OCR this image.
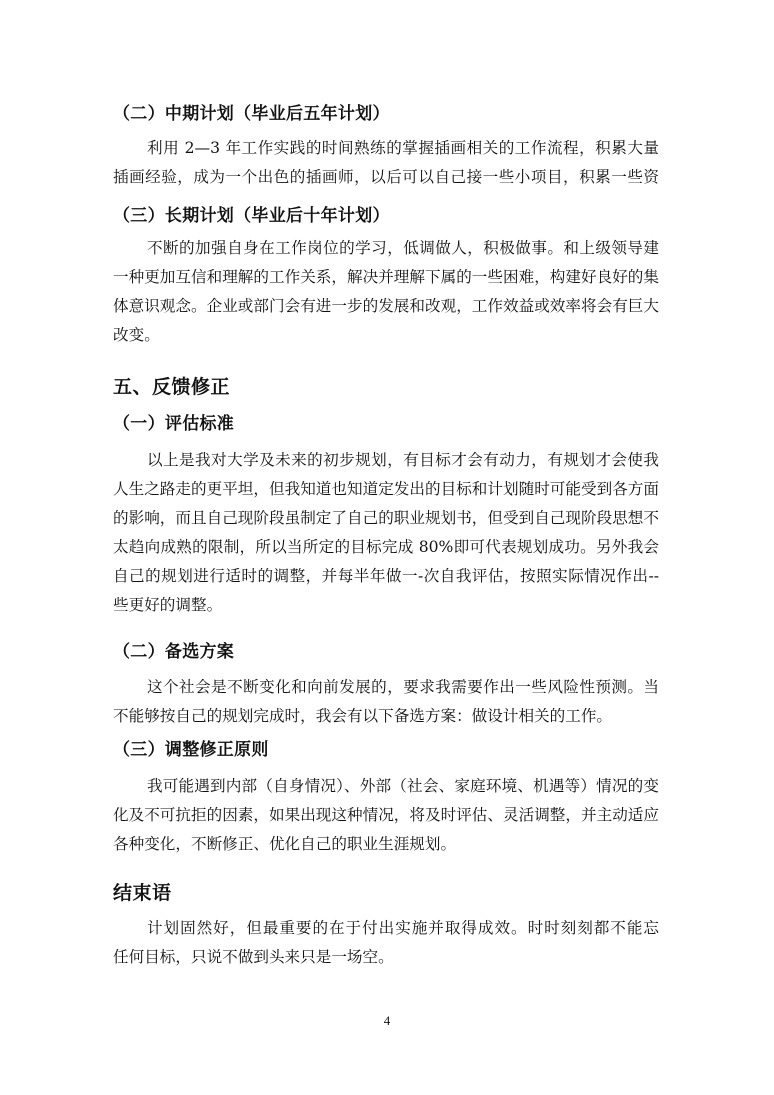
（二）中期计划（毕业后五年计划）
利用 2—3 年工作实践的时间熟练的掌握插画相关的工作流程，积累大量
插画经验，成为一个出色的插画师，以后可以自己接一些小项目，积累一些资
（三）长期计划（毕业后十年计划）
不断的加强自身在工作岗位的学习，低调做人，积极做事。和上级领导建
一种更加互信和理解的工作关系，解决并理解下属的一些困难，构建好良好的集
体意识观念。企业或部门会有进一步的发展和改观，工作效益或效率将会有巨大
改变。
五、反馈修正
（一）评估标准
以上是我对大学及未来的初步规划，有目标才会有动力，有规划才会使我
人生之路走的更平坦，但我知道也知道定发出的目标和计划随时可能受到各方面
的影响，而且自己现阶段虽制定了自己的职业规划书，但受到自己现阶段思想不
太趋向成熟的限制，所以当所定的目标完成 80%即可代表规划成功。另外我会
自己的规划进行适时的调整，并每半年做一-次自我评估，按照实际情况作出--
些更好的调整。
（二）备选方案
这个社会是不断变化和向前发展的，要求我需要作出一些风险性预测。当
不能够按自己的规划完成时，我会有以下备选方案：做设计相关的工作。
（三）调整修正原则
我可能遇到内部（自身情况）、外部（社会、家庭环境、机遇等）情况的变
化及不可抗拒的因素，如果出现这种情况，将及时评估、灵活调整，并主动适应
各种变化，不断修正、优化自己的职业生涯规划。
结束语
计划固然好，但最重要的在于付出实施并取得成效。时时刻刻都不能忘
任何目标，只说不做到头来只是一场空。
4
